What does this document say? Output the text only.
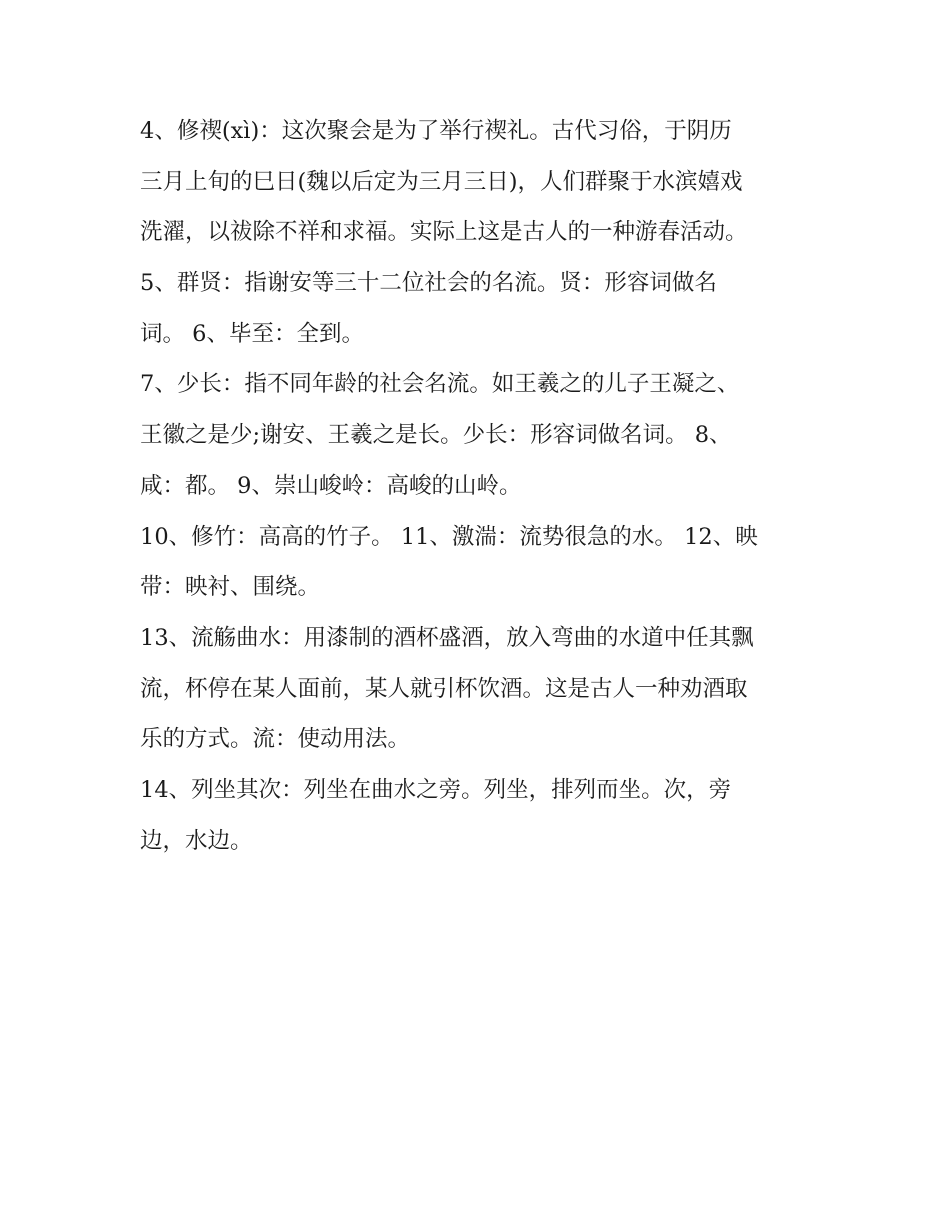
4、修禊(xì)：这次聚会是为了举行禊礼。古代习俗，于阴历
三月上旬的巳日(魏以后定为三月三日)，人们群聚于水滨嬉戏
洗濯，以祓除不祥和求福。实际上这是古人的一种游春活动。
5、群贤：指谢安等三十二位社会的名流。贤：形容词做名
词。 6、毕至：全到。
7、少长：指不同年龄的社会名流。如王羲之的儿子王凝之、
王徽之是少;谢安、王羲之是长。少长：形容词做名词。 8、
咸：都。 9、崇山峻岭：高峻的山岭。
10、修竹：高高的竹子。 11、激湍：流势很急的水。 12、映
带：映衬、围绕。
13、流觞曲水：用漆制的酒杯盛酒，放入弯曲的水道中任其飘
流，杯停在某人面前，某人就引杯饮酒。这是古人一种劝酒取
乐的方式。流：使动用法。
14、列坐其次：列坐在曲水之旁。列坐，排列而坐。次，旁
边，水边。
